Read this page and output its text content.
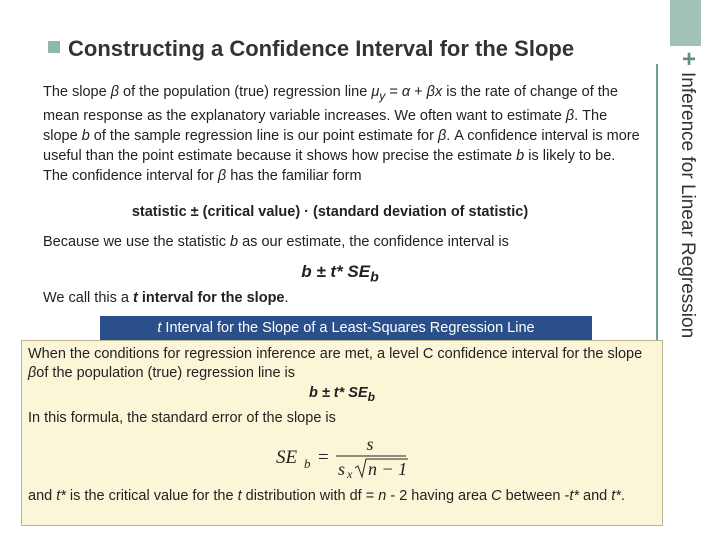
+
Inference for Linear Regression
Constructing a Confidence Interval for the Slope

The slope β of the population (true) regression line $\mu_y = \alpha + \beta x$ is the rate of change of the mean response as the explanatory variable increases. We often want to estimate β. The slope b of the sample regression line is our point estimate for β. A confidence interval is more useful than the point estimate because it shows how precise the estimate b is likely to be. The confidence interval for β has the familiar form

statistic ± (critical value) · (standard deviation of statistic)

Because we use the statistic b as our estimate, the confidence interval is

b ± t* $SE_b$

We call this a t interval for the slope.

t Interval for the Slope of a Least-Squares Regression Line

When the conditions for regression inference are met, a level C confidence interval for the slope βof the population (true) regression line is

b ± t* $SE_b$

In this formula, the standard error of the slope is

SE b =
s
s x n − 1

and t* is the critical value for the t distribution with df = n - 2 having area C between -t* and t*.
